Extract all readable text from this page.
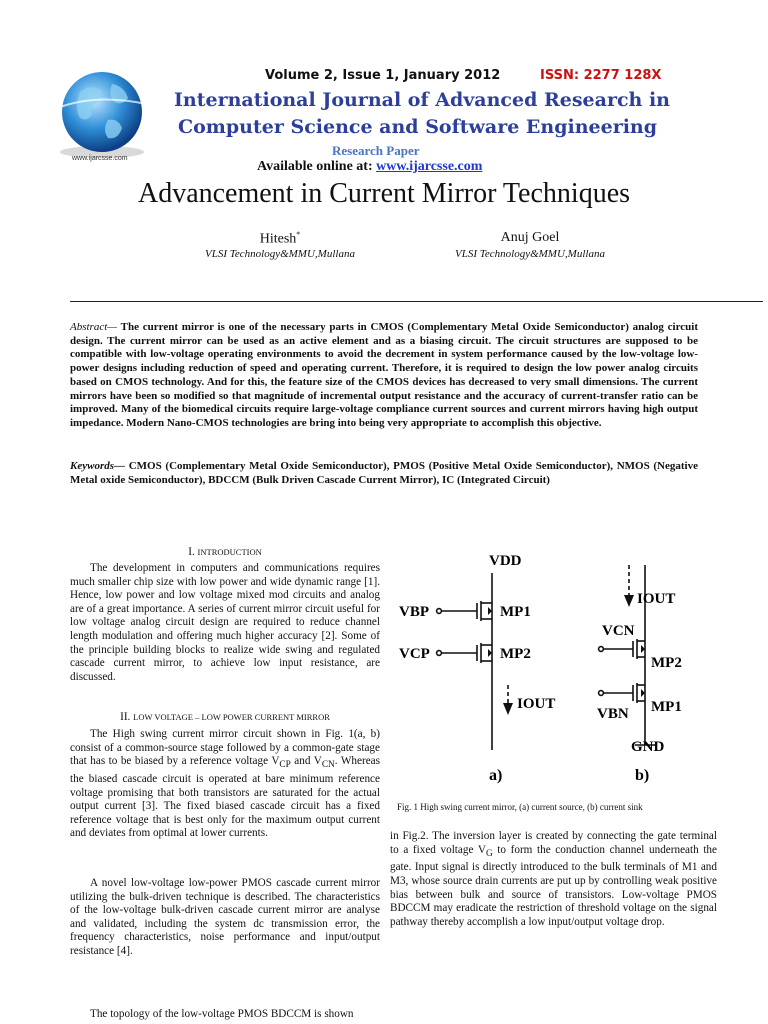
www.ijarcsse.com
Volume 2, Issue 1, January 2012	ISSN: 2277 128X
International Journal of Advanced Research in
Computer Science and Software Engineering
Research Paper
Available online at: www.ijarcsse.com
Advancement in Current Mirror Techniques
Hitesh*
VLSI Technology&MMU,Mullana
Anuj Goel
VLSI Technology&MMU,Mullana
Abstract— The current mirror is one of the necessary parts in CMOS (Complementary Metal Oxide Semiconductor) analog circuit design. The current mirror can be used as an active element and as a biasing circuit. The circuit structures are supposed to be compatible with low-voltage operating environments to avoid the decrement in system performance caused by the low-voltage low-power designs including reduction of speed and operating current. Therefore, it is required to design the low power analog circuits based on CMOS technology. And for this, the feature size of the CMOS devices has decreased to very small dimensions. The current mirrors have been so modified so that magnitude of incremental output resistance and the accuracy of current-transfer ratio can be improved. Many of the biomedical circuits require large-voltage compliance current sources and current mirrors having high output impedance. Modern Nano-CMOS technologies are bring into being very appropriate to accomplish this objective.
Keywords— CMOS (Complementary Metal Oxide Semiconductor), PMOS (Positive Metal Oxide Semiconductor), NMOS (Negative Metal oxide Semiconductor), BDCCM (Bulk Driven Cascade Current Mirror), IC (Integrated Circuit)
I. INTRODUCTION
The development in computers and communications requires much smaller chip size with low power and wide dynamic range [1]. Hence, low power and low voltage mixed mod circuits and analog are of a great importance. A series of current mirror circuit useful for low voltage analog circuit design are required to reduce channel length modulation and offering much higher accuracy [2]. Some of the principle building blocks to realize wide swing and regulated cascade current mirror, to achieve low input resistance, are discussed.
II. LOW VOLTAGE – LOW POWER CURRENT MIRROR
The High swing current mirror circuit shown in Fig. 1(a, b) consist of a common-source stage followed by a common-gate stage that has to be biased by a reference voltage $V_{CP}$ and $V_{CN}$. Whereas the biased cascade circuit is operated at bare minimum reference voltage promising that both transistors are saturated for the actual output current [3]. The fixed biased cascade circuit has a fixed reference voltage that is best only for the maximum output current and deviates from optimal at lower currents.
A novel low-voltage low-power PMOS cascade current mirror utilizing the bulk-driven technique is described. The characteristics of the low-voltage bulk-driven cascade current mirror are analyse and validated, including the system dc transmission error, the frequency characteristics, noise performance and input/output resistance [4].
The topology of the low-voltage PMOS BDCCM is shown
VDD
VBP
VCP
MP1
MP2
IOUT
a)
IOUT
VCN
MP2
MP1
VBN
GND
b)
Fig. 1 High swing current mirror, (a) current source, (b) current sink
in Fig.2. The inversion layer is created by connecting the gate terminal to a fixed voltage $V_G$ to form the conduction channel underneath the gate. Input signal is directly introduced to the bulk terminals of M1 and M3, whose source drain currents are put up by controlling weak positive bias between bulk and source of transistors. Low-voltage PMOS BDCCM may eradicate the restriction of threshold voltage on the signal pathway thereby accomplish a low input/output voltage drop.
